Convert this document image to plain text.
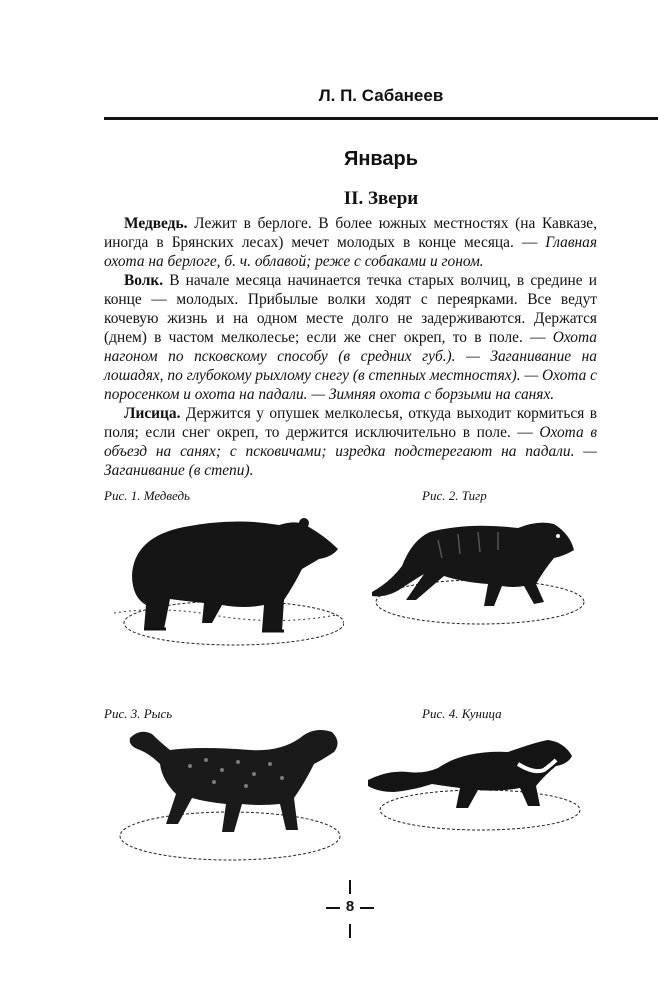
Л. П. Сабанеев
Январь
II. Звери

Медведь. Лежит в берлоге. В более южных местностях (на Кавказе, иногда в Брянских лесах) мечет молодых в конце месяца. — Главная охота на берлоге, б. ч. облавой; реже с собаками и гоном.

Волк. В начале месяца начинается течка старых волчиц, в средине и конце — молодых. Прибылые волки ходят с переярками. Все ведут кочевую жизнь и на одном месте долго не задерживаются. Держатся (днем) в частом мелколесье; если же снег окреп, то в поле. — Охота нагоном по псковскому способу (в средних губ.). — Заганивание на лошадях, по глубокому рыхлому снегу (в степных местностях). — Охота с поросенком и охота на падали. — Зимняя охота с борзыми на санях.

Лисица. Держится у опушек мелколесья, откуда выходит кормиться в поля; если снег окреп, то держится исключительно в поле. — Охота в объезд на санях; с псковичами; изредка подстерегают на падали. — Заганивание (в степи).

Рис. 1. Медведь	Рис. 2. Тигр
Рис. 3. Рысь	Рис. 4. Куница
8
